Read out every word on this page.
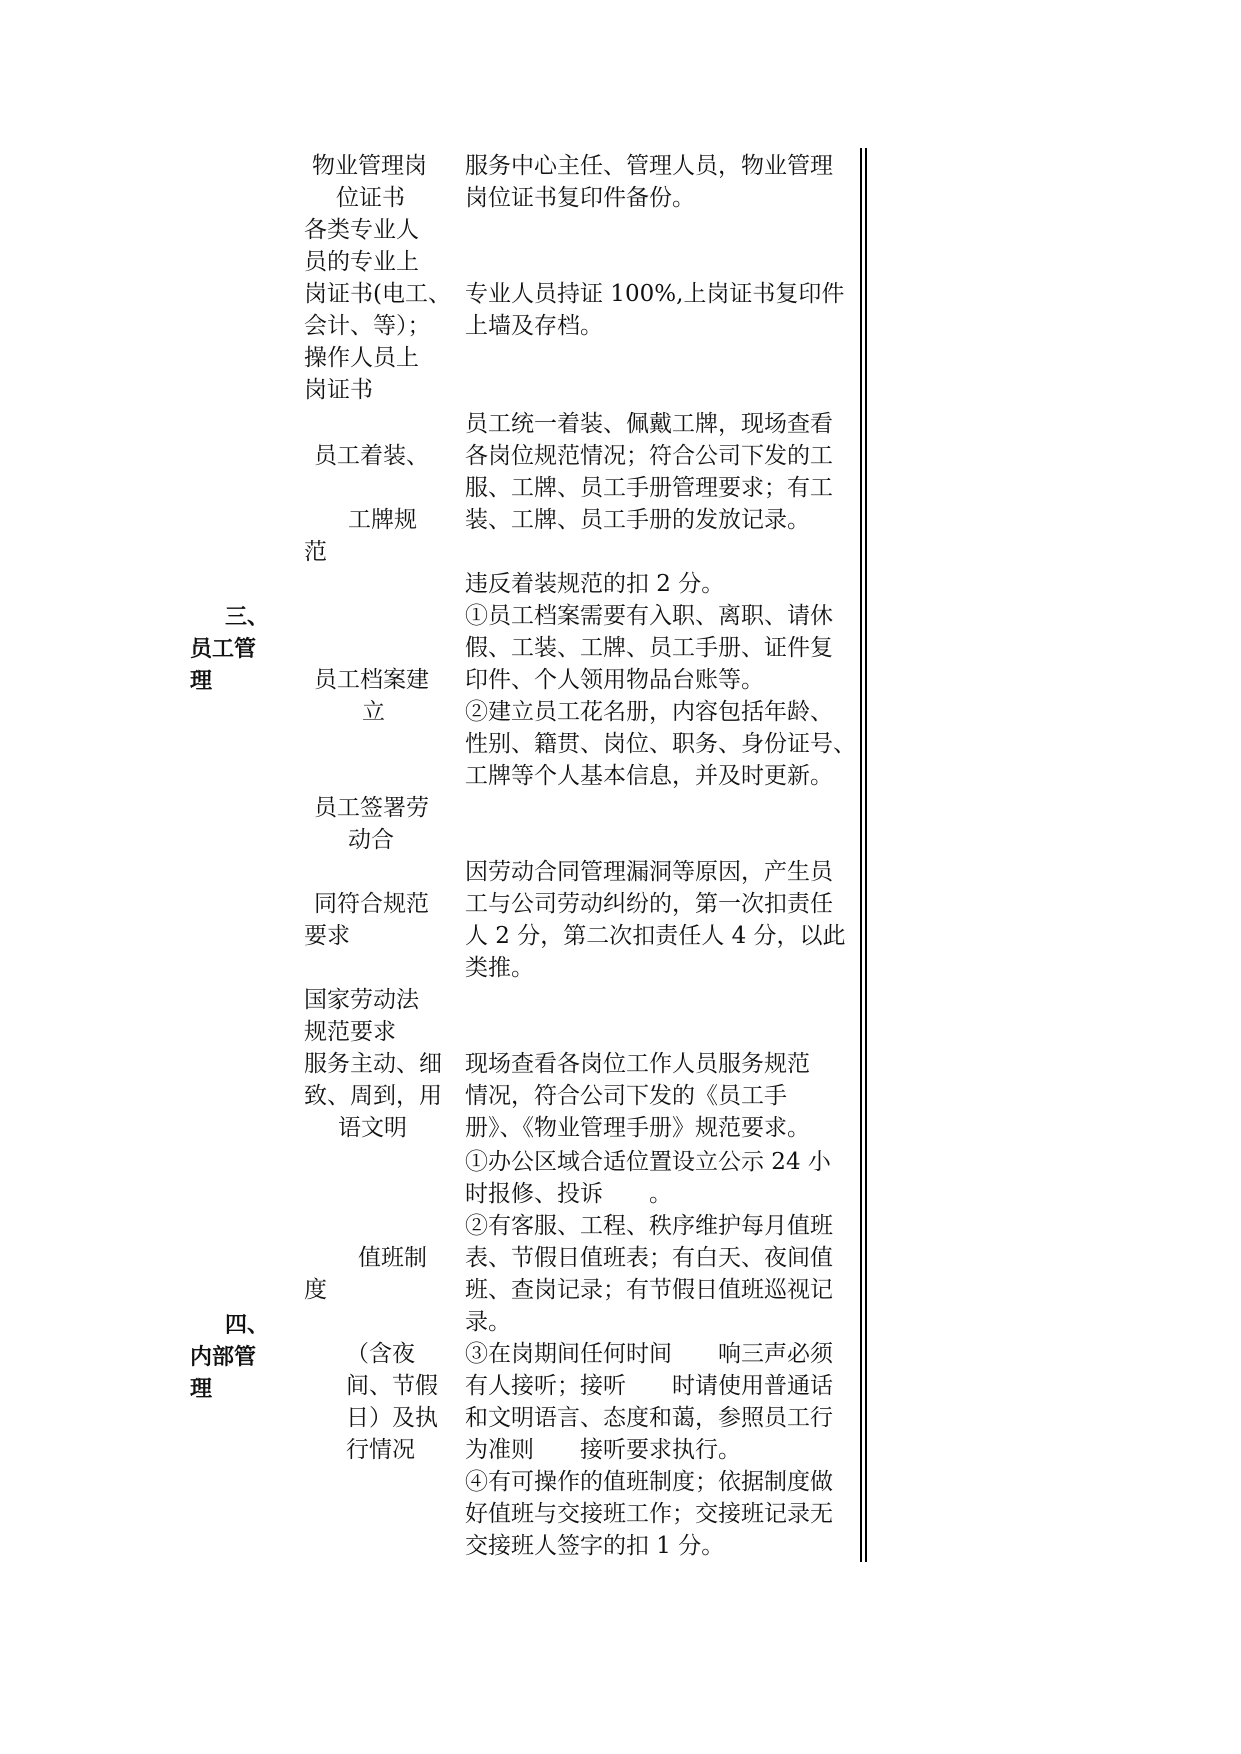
三、
员工管
理
四、
内部管
理
物业管理岗
位证书
各类专业人
员的专业上
岗证书(电工、
会计、等）；
操作人员上
岗证书
员工着装、
工牌规
范
员工档案建
立
员工签署劳
动合
同符合规范
要求
国家劳动法
规范要求
服务主动、细
致、周到，用
语文明
值班制
度
（含夜
间、节假
日）及执
行情况
服务中心主任、管理人员，物业管理
岗位证书复印件备份。
专业人员持证 100%,上岗证书复印件
上墙及存档。
员工统一着装、佩戴工牌，现场查看
各岗位规范情况；符合公司下发的工
服、工牌、员工手册管理要求；有工
装、工牌、员工手册的发放记录。
违反着装规范的扣 2 分。
①员工档案需要有入职、离职、请休
假、工装、工牌、员工手册、证件复
印件、个人领用物品台账等。
②建立员工花名册，内容包括年龄、
性别、籍贯、岗位、职务、身份证号、
工牌等个人基本信息，并及时更新。
因劳动合同管理漏洞等原因，产生员
工与公司劳动纠纷的，第一次扣责任
人 2 分，第二次扣责任人 4 分，以此
类推。
现场查看各岗位工作人员服务规范
情况，符合公司下发的《员工手
册》、《物业管理手册》规范要求。
①办公区域合适位置设立公示 24 小
时报修、投诉　　。
②有客服、工程、秩序维护每月值班
表、节假日值班表；有白天、夜间值
班、查岗记录；有节假日值班巡视记
录。
③在岗期间任何时间　　响三声必须
有人接听；接听　　时请使用普通话
和文明语言、态度和蔼，参照员工行
为准则　　接听要求执行。
④有可操作的值班制度；依据制度做
好值班与交接班工作；交接班记录无
交接班人签字的扣 1 分。
